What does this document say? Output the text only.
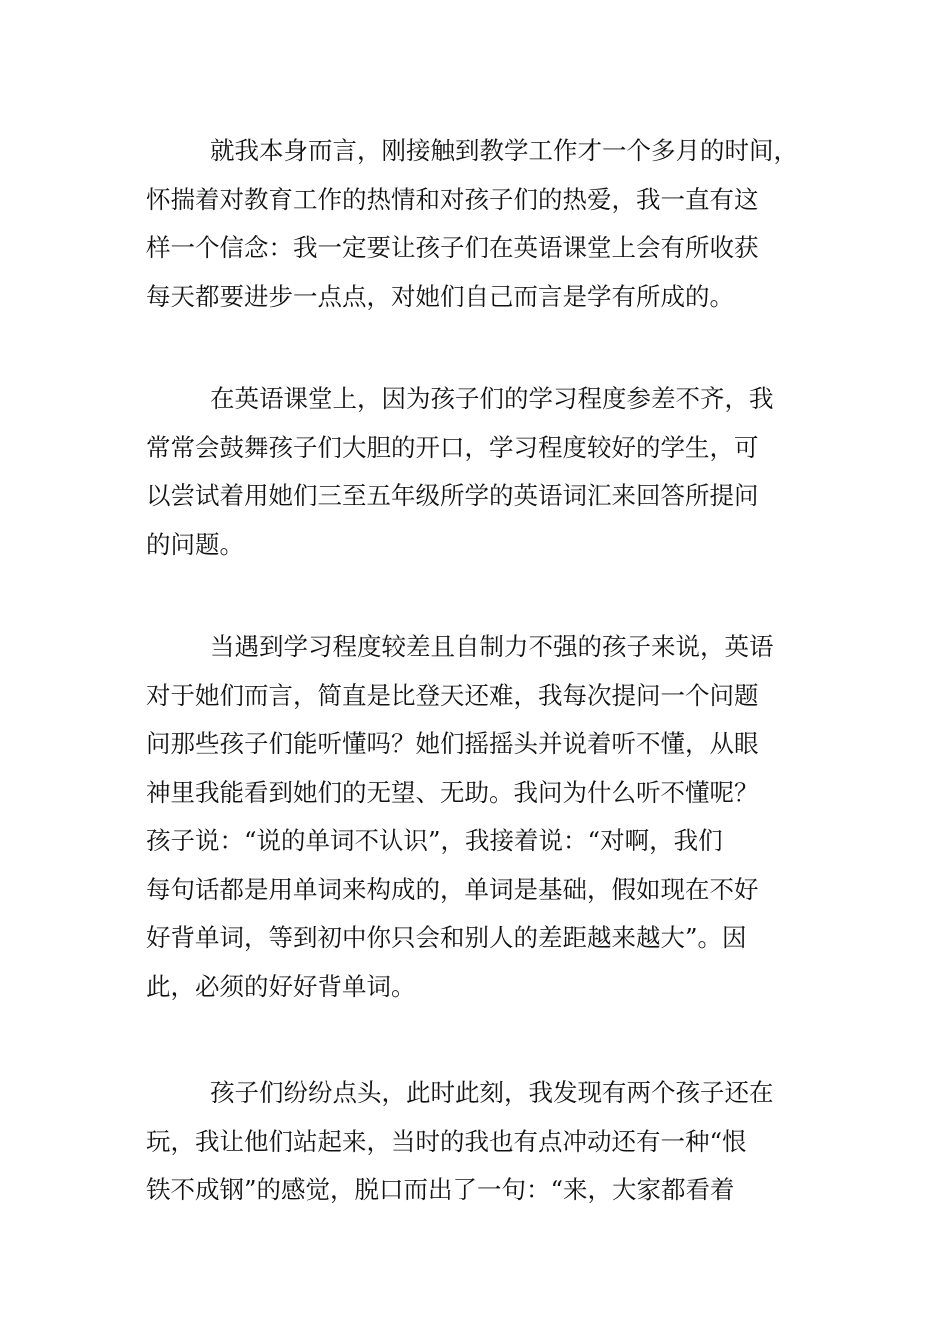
就我本身而言，刚接触到教学工作才一个多月的时间，
怀揣着对教育工作的热情和对孩子们的热爱，我一直有这
样一个信念：我一定要让孩子们在英语课堂上会有所收获
每天都要进步一点点，对她们自己而言是学有所成的。
在英语课堂上，因为孩子们的学习程度参差不齐，我
常常会鼓舞孩子们大胆的开口，学习程度较好的学生，可
以尝试着用她们三至五年级所学的英语词汇来回答所提问
的问题。
当遇到学习程度较差且自制力不强的孩子来说，英语
对于她们而言，简直是比登天还难，我每次提问一个问题
问那些孩子们能听懂吗？她们摇摇头并说着听不懂，从眼
神里我能看到她们的无望、无助。我问为什么听不懂呢？
孩子说：“说的单词不认识”，我接着说：“对啊，我们
每句话都是用单词来构成的，单词是基础，假如现在不好
好背单词，等到初中你只会和别人的差距越来越大”。因
此，必须的好好背单词。
孩子们纷纷点头，此时此刻，我发现有两个孩子还在
玩，我让他们站起来，当时的我也有点冲动还有一种“恨
铁不成钢”的感觉，脱口而出了一句：“来，大家都看着
